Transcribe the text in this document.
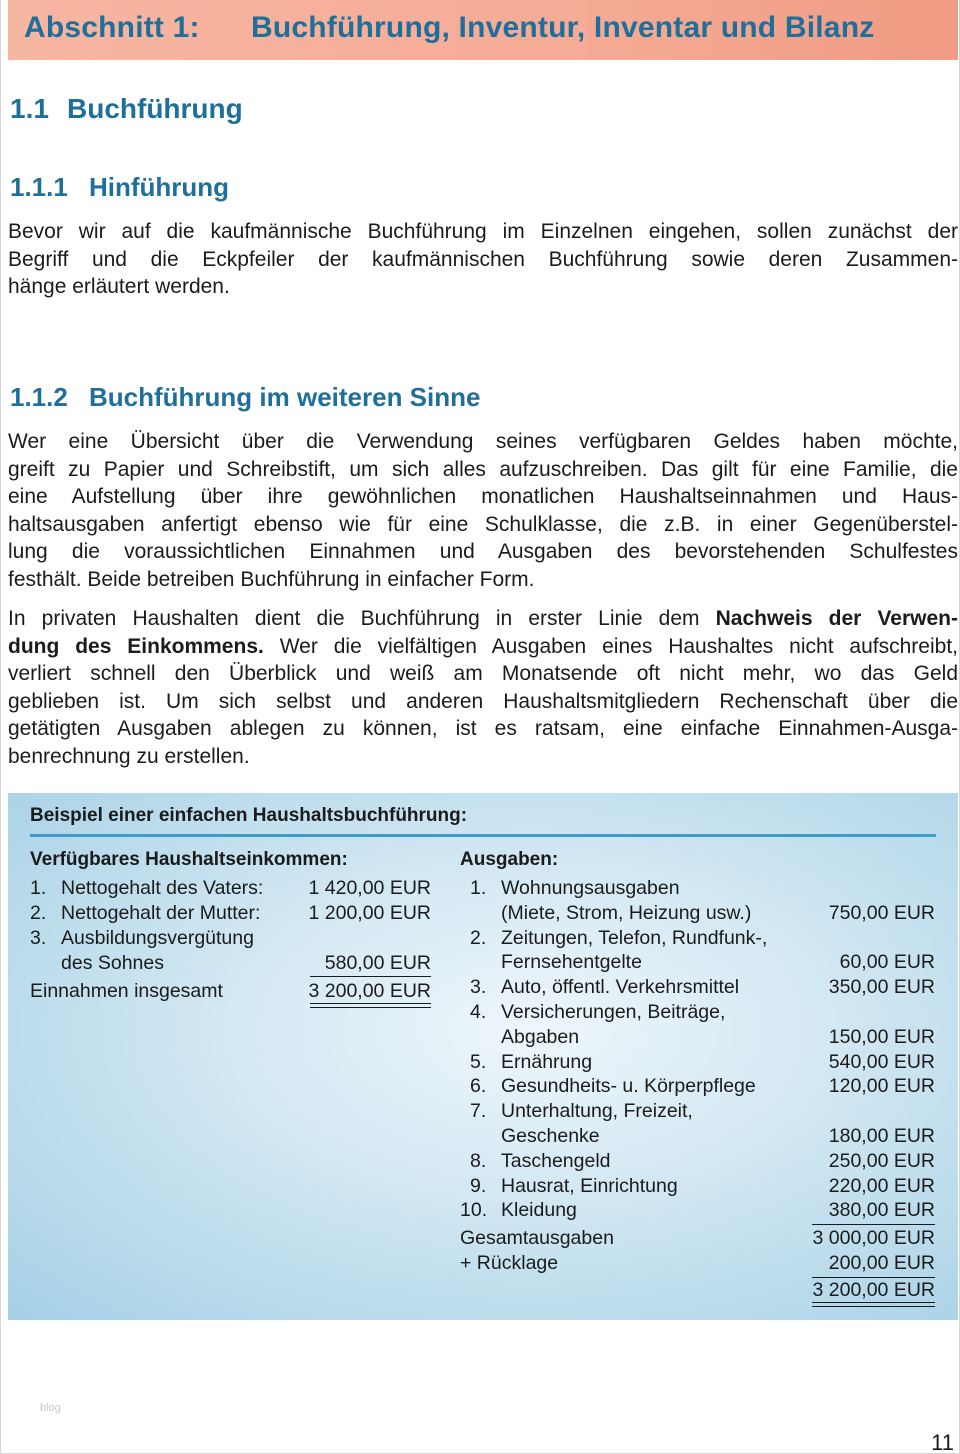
Abschnitt 1: Buchführung, Inventur, Inventar und Bilanz
1.1 Buchführung
1.1.1 Hinführung
Bevor wir auf die kaufmännische Buchführung im Einzelnen eingehen, sollen zunächst der
Begriff und die Eckpfeiler der kaufmännischen Buchführung sowie deren Zusammen-
hänge erläutert werden.
1.1.2 Buchführung im weiteren Sinne
Wer eine Übersicht über die Verwendung seines verfügbaren Geldes haben möchte,
greift zu Papier und Schreibstift, um sich alles aufzuschreiben. Das gilt für eine Familie, die
eine Aufstellung über ihre gewöhnlichen monatlichen Haushaltseinnahmen und Haus-
haltsausgaben anfertigt ebenso wie für eine Schulklasse, die z.B. in einer Gegenüberstel-
lung die voraussichtlichen Einnahmen und Ausgaben des bevorstehenden Schulfestes
festhält. Beide betreiben Buchführung in einfacher Form.
In privaten Haushalten dient die Buchführung in erster Linie dem Nachweis der Verwen-
dung des Einkommens. Wer die vielfältigen Ausgaben eines Haushaltes nicht aufschreibt,
verliert schnell den Überblick und weiß am Monatsende oft nicht mehr, wo das Geld
geblieben ist. Um sich selbst und anderen Haushaltsmitgliedern Rechenschaft über die
getätigten Ausgaben ablegen zu können, ist es ratsam, eine einfache Einnahmen-Ausga-
benrechnung zu erstellen.
Beispiel einer einfachen Haushaltsbuchführung:
Verfügbares Haushaltseinkommen:
1. Nettogehalt des Vaters:	1 420,00 EUR
2. Nettogehalt der Mutter:	1 200,00 EUR
3. Ausbildungsvergütung
des Sohnes	580,00 EUR
Einnahmen insgesamt	3 200,00 EUR
Ausgaben:
1. Wohnungsausgaben
(Miete, Strom, Heizung usw.)	750,00 EUR
2. Zeitungen, Telefon, Rundfunk-,
Fernsehentgelte	60,00 EUR
3. Auto, öffentl. Verkehrsmittel	350,00 EUR
4. Versicherungen, Beiträge,
Abgaben	150,00 EUR
5. Ernährung	540,00 EUR
6. Gesundheits- u. Körperpflege	120,00 EUR
7. Unterhaltung, Freizeit,
Geschenke	180,00 EUR
8. Taschengeld	250,00 EUR
9. Hausrat, Einrichtung	220,00 EUR
10. Kleidung	380,00 EUR
Gesamtausgaben	3 000,00 EUR
+ Rücklage	200,00 EUR
3 200,00 EUR
blog
11
